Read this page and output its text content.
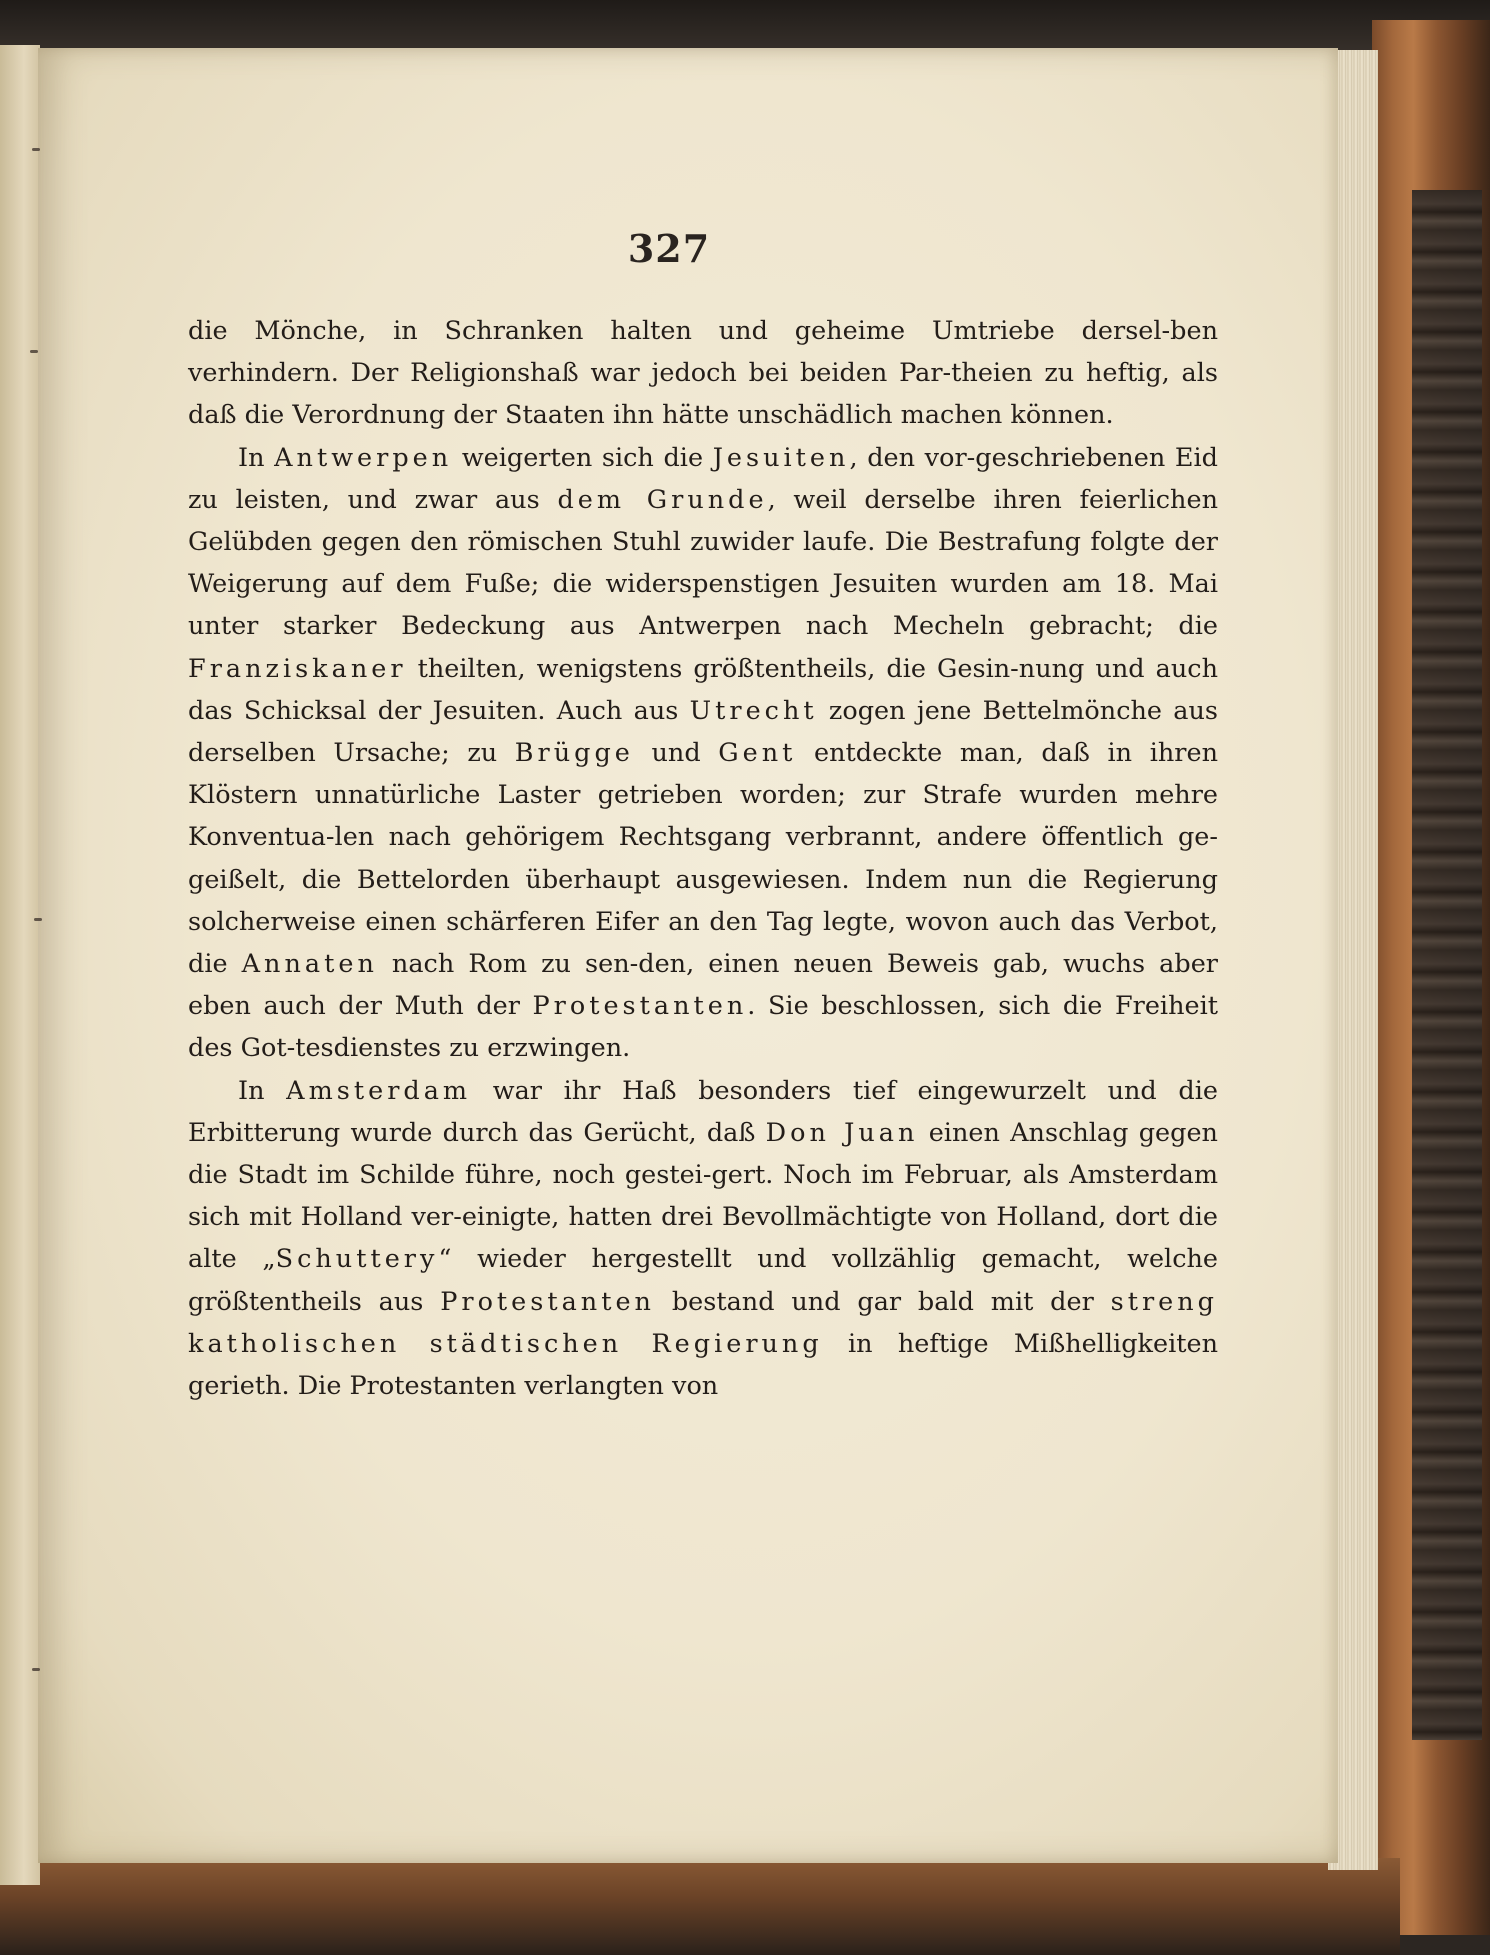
327

die Mönche, in Schranken halten und geheime Umtriebe dersel-ben verhindern. Der Religionshaß war jedoch bei beiden Par-theien zu heftig, als daß die Verordnung der Staaten ihn hätte unschädlich machen können.

In Antwerpen weigerten sich die Jesuiten, den vor-geschriebenen Eid zu leisten, und zwar aus dem Grunde, weil derselbe ihren feierlichen Gelübden gegen den römischen Stuhl zuwider laufe. Die Bestrafung folgte der Weigerung auf dem Fuße; die widerspenstigen Jesuiten wurden am 18. Mai unter starker Bedeckung aus Antwerpen nach Mecheln gebracht; die Franziskaner theilten, wenigstens größtentheils, die Gesin-nung und auch das Schicksal der Jesuiten. Auch aus Utrecht zogen jene Bettelmönche aus derselben Ursache; zu Brügge und Gent entdeckte man, daß in ihren Klöstern unnatürliche Laster getrieben worden; zur Strafe wurden mehre Konventua-len nach gehörigem Rechtsgang verbrannt, andere öffentlich ge-geißelt, die Bettelorden überhaupt ausgewiesen. Indem nun die Regierung solcherweise einen schärferen Eifer an den Tag legte, wovon auch das Verbot, die Annaten nach Rom zu sen-den, einen neuen Beweis gab, wuchs aber eben auch der Muth der Protestanten. Sie beschlossen, sich die Freiheit des Got-tesdienstes zu erzwingen.

In Amsterdam war ihr Haß besonders tief eingewurzelt und die Erbitterung wurde durch das Gerücht, daß Don Juan einen Anschlag gegen die Stadt im Schilde führe, noch gestei-gert. Noch im Februar, als Amsterdam sich mit Holland ver-einigte, hatten drei Bevollmächtigte von Holland, dort die alte „Schuttery“ wieder hergestellt und vollzählig gemacht, welche größtentheils aus Protestanten bestand und gar bald mit der streng katholischen städtischen Regierung in heftige Mißhelligkeiten gerieth. Die Protestanten verlangten von
